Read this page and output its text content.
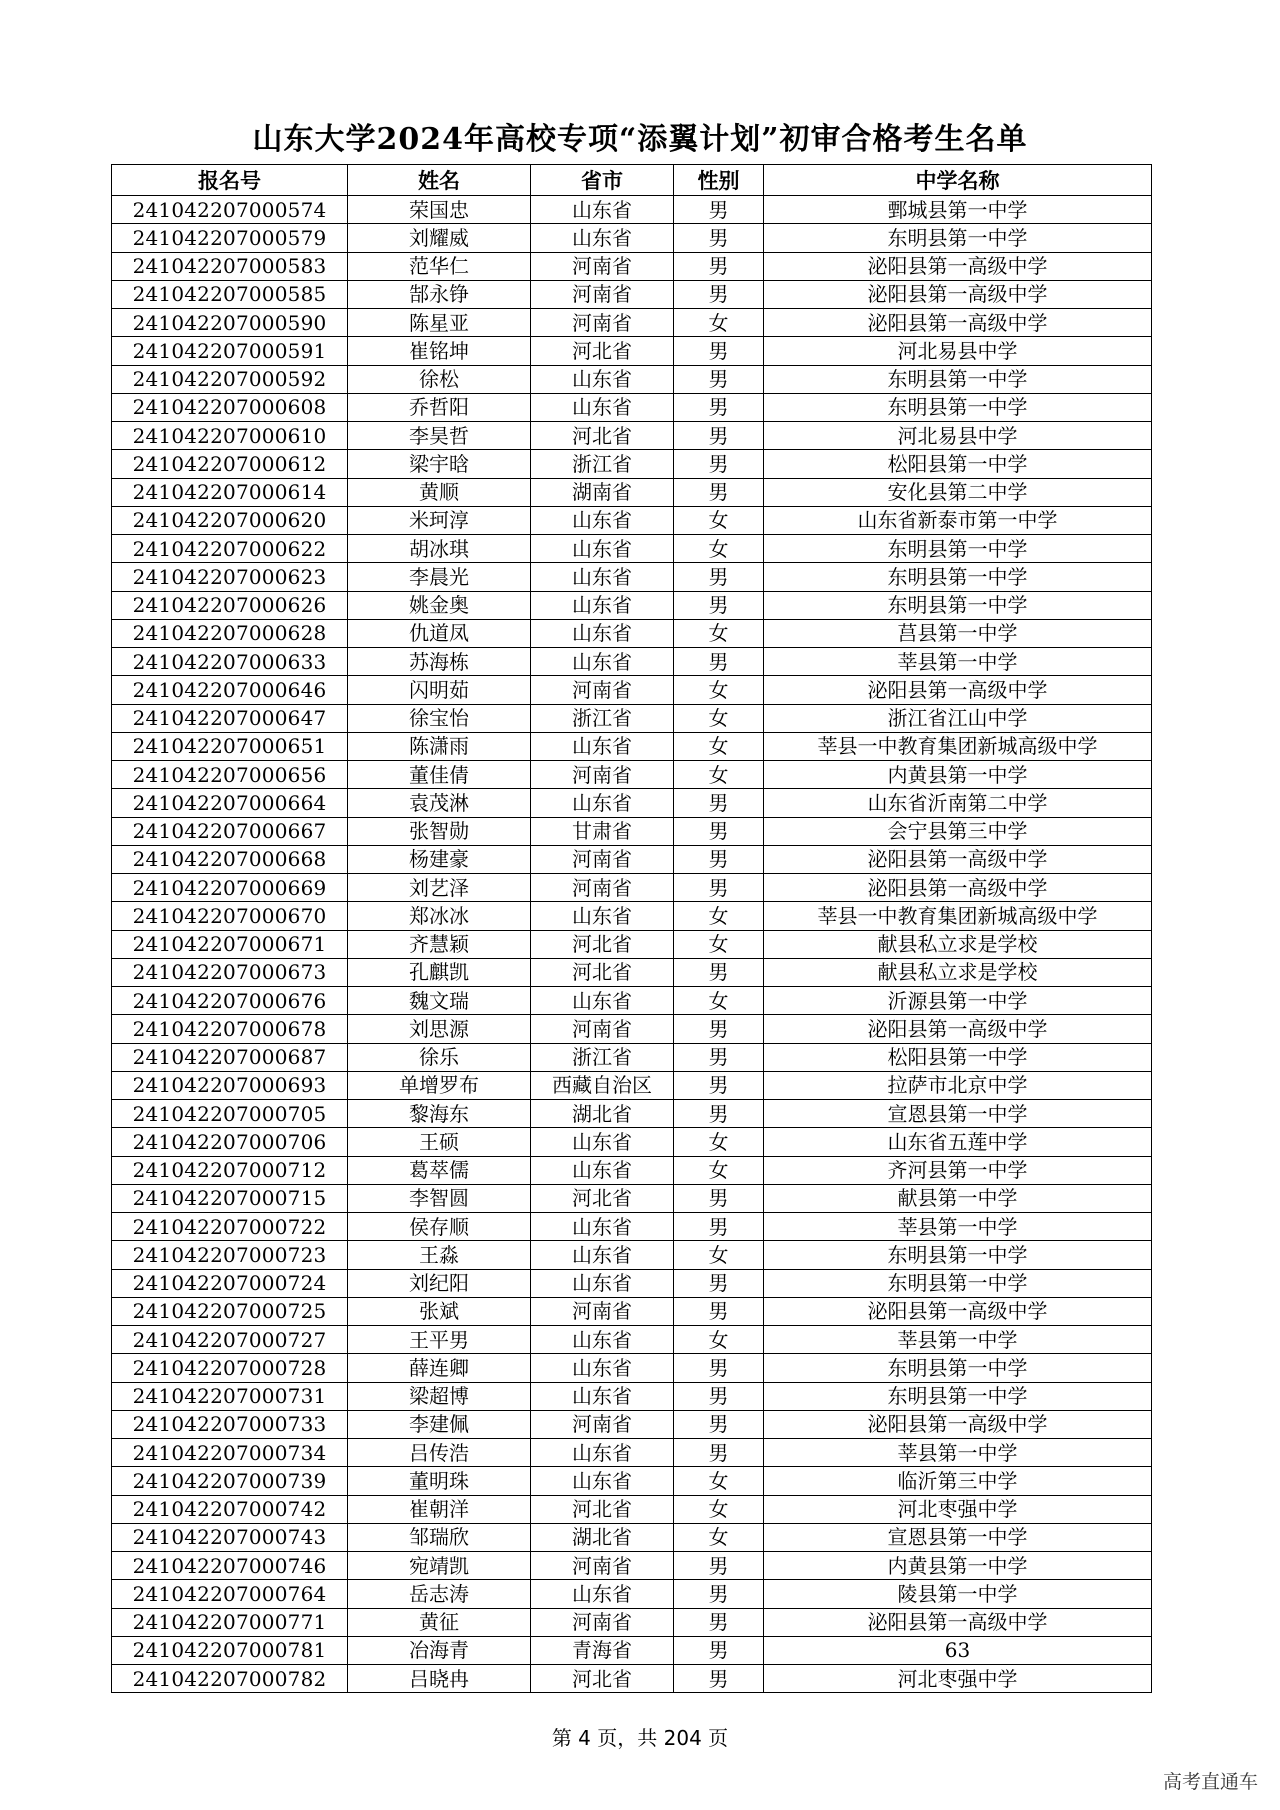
山东大学2024年高校专项“添翼计划”初审合格考生名单
报名号	姓名	省市	性别	中学名称
241042207000574	荣国忠	山东省	男	鄄城县第一中学
241042207000579	刘耀威	山东省	男	东明县第一中学
241042207000583	范华仁	河南省	男	泌阳县第一高级中学
241042207000585	郜永铮	河南省	男	泌阳县第一高级中学
241042207000590	陈星亚	河南省	女	泌阳县第一高级中学
241042207000591	崔铭坤	河北省	男	河北易县中学
241042207000592	徐松	山东省	男	东明县第一中学
241042207000608	乔哲阳	山东省	男	东明县第一中学
241042207000610	李昊哲	河北省	男	河北易县中学
241042207000612	梁宇晗	浙江省	男	松阳县第一中学
241042207000614	黄顺	湖南省	男	安化县第二中学
241042207000620	米珂淳	山东省	女	山东省新泰市第一中学
241042207000622	胡冰琪	山东省	女	东明县第一中学
241042207000623	李晨光	山东省	男	东明县第一中学
241042207000626	姚金奥	山东省	男	东明县第一中学
241042207000628	仇道凤	山东省	女	莒县第一中学
241042207000633	苏海栋	山东省	男	莘县第一中学
241042207000646	闪明茹	河南省	女	泌阳县第一高级中学
241042207000647	徐宝怡	浙江省	女	浙江省江山中学
241042207000651	陈潇雨	山东省	女	莘县一中教育集团新城高级中学
241042207000656	董佳倩	河南省	女	内黄县第一中学
241042207000664	袁茂淋	山东省	男	山东省沂南第二中学
241042207000667	张智勋	甘肃省	男	会宁县第三中学
241042207000668	杨建豪	河南省	男	泌阳县第一高级中学
241042207000669	刘艺泽	河南省	男	泌阳县第一高级中学
241042207000670	郑冰冰	山东省	女	莘县一中教育集团新城高级中学
241042207000671	齐慧颖	河北省	女	献县私立求是学校
241042207000673	孔麒凯	河北省	男	献县私立求是学校
241042207000676	魏文瑞	山东省	女	沂源县第一中学
241042207000678	刘思源	河南省	男	泌阳县第一高级中学
241042207000687	徐乐	浙江省	男	松阳县第一中学
241042207000693	单增罗布	西藏自治区	男	拉萨市北京中学
241042207000705	黎海东	湖北省	男	宣恩县第一中学
241042207000706	王硕	山东省	女	山东省五莲中学
241042207000712	葛萃儒	山东省	女	齐河县第一中学
241042207000715	李智圆	河北省	男	献县第一中学
241042207000722	侯存顺	山东省	男	莘县第一中学
241042207000723	王淼	山东省	女	东明县第一中学
241042207000724	刘纪阳	山东省	男	东明县第一中学
241042207000725	张斌	河南省	男	泌阳县第一高级中学
241042207000727	王平男	山东省	女	莘县第一中学
241042207000728	薛连卿	山东省	男	东明县第一中学
241042207000731	梁超博	山东省	男	东明县第一中学
241042207000733	李建佩	河南省	男	泌阳县第一高级中学
241042207000734	吕传浩	山东省	男	莘县第一中学
241042207000739	董明珠	山东省	女	临沂第三中学
241042207000742	崔朝洋	河北省	女	河北枣强中学
241042207000743	邹瑞欣	湖北省	女	宣恩县第一中学
241042207000746	宛靖凯	河南省	男	内黄县第一中学
241042207000764	岳志涛	山东省	男	陵县第一中学
241042207000771	黄征	河南省	男	泌阳县第一高级中学
241042207000781	冶海青	青海省	男	63
241042207000782	吕晓冉	河北省	男	河北枣强中学
第 4 页，共 204 页
高考直通车
